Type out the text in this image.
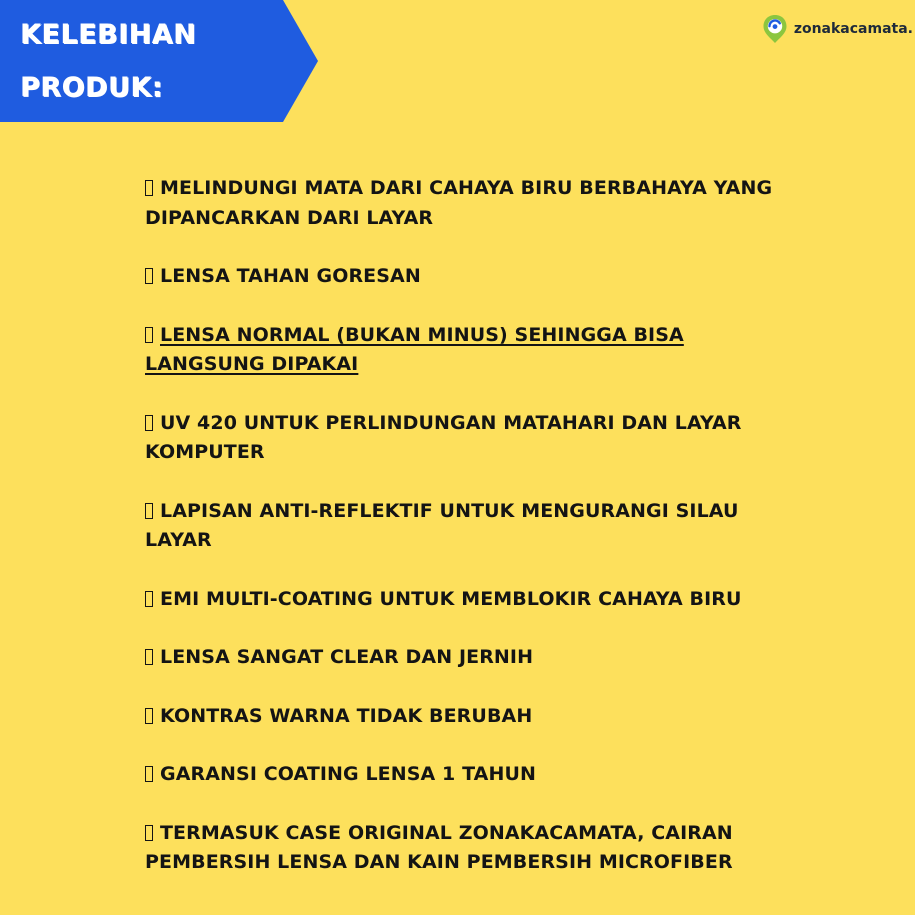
KELEBIHAN
PRODUK:
zonakacamata.
MELINDUNGI MATA DARI CAHAYA BIRU BERBAHAYA YANG DIPANCARKAN DARI LAYAR
LENSA TAHAN GORESAN
LENSA NORMAL (BUKAN MINUS) SEHINGGA BISA LANGSUNG DIPAKAI
UV 420 UNTUK PERLINDUNGAN MATAHARI DAN LAYAR KOMPUTER
LAPISAN ANTI-REFLEKTIF UNTUK MENGURANGI SILAU LAYAR
EMI MULTI-COATING UNTUK MEMBLOKIR CAHAYA BIRU
LENSA SANGAT CLEAR DAN JERNIH
KONTRAS WARNA TIDAK BERUBAH
GARANSI COATING LENSA 1 TAHUN
TERMASUK CASE ORIGINAL ZONAKACAMATA, CAIRAN PEMBERSIH LENSA DAN KAIN PEMBERSIH MICROFIBER
